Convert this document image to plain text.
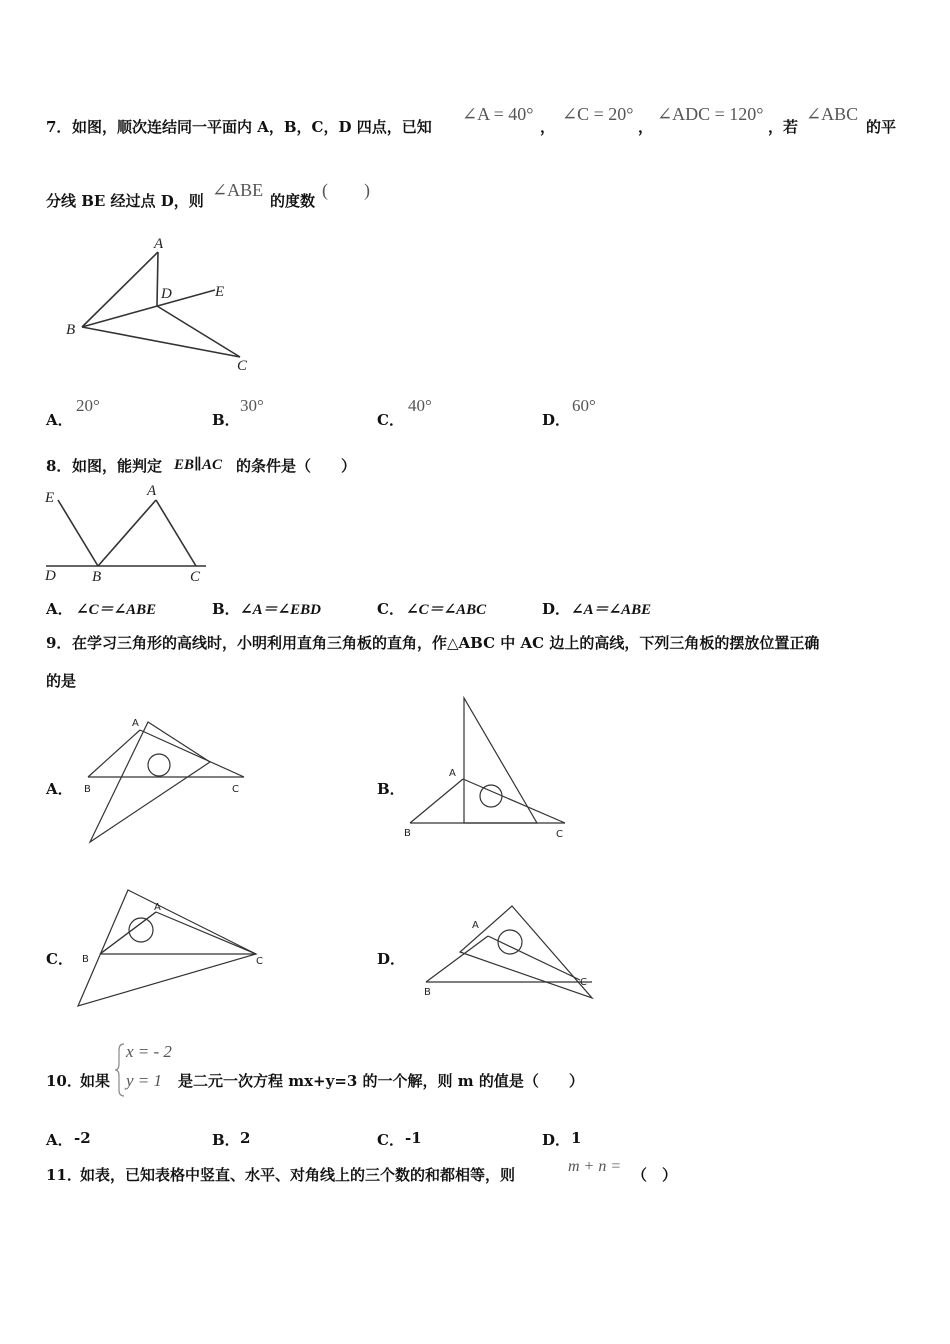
7． 如图，顺次连结同一平面内 A，B，C，D 四点，已知
∠A = 40°
，
∠C = 20°
，
∠ADC = 120°
，若
∠ABC
的平
分线 BE 经过点 D，则
∠ABE
的度数
(　　)
A
B
C
D	E
A．
20°
B．
30°
C．
40°
D．
60°
8． 如图，能判定 EB∥AC 的条件是（　　）
E	A
D B	C
A． ∠C＝∠ABE	B． ∠A＝∠EBD	C． ∠C＝∠ABC	D． ∠A＝∠ABE
9． 在学习三角形的高线时，小明利用直角三角板的直角，作△ABC 中 AC 边上的高线，下列三角板的摆放位置正确
的是
A．
A
B	C	B．
A
B	C
C．
A
B	C	D．
A
B
C
10．
如果
x = - 2
y = 1 是二元一次方程 mx+y=3 的一个解，则 m 的值是（　　）
A． -2	B． 2	C． -1	D． 1
11．
如表，已知表格中竖直、水平、对角线上的三个数的和都相等，则	m + n = （　）
